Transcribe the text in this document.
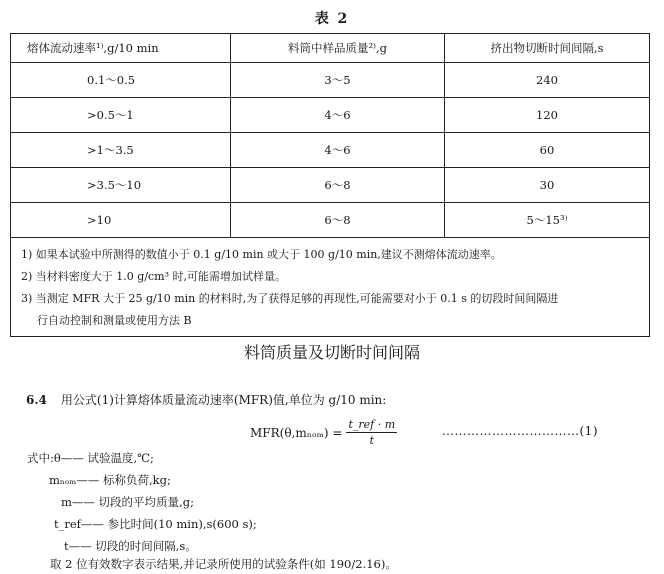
表 2
熔体流动速率¹⁾,g/10 min	料筒中样品质量²⁾,g	挤出物切断时间间隔,s
0.1～0.5	3～5	240
>0.5～1	4～6	120
>1～3.5	4～6	60
>3.5～10	6～8	30
>10	6～8	5～15³⁾

1) 如果本试验中所测得的数值小于 0.1 g/10 min 或大于 100 g/10 min,建议不测熔体流动速率。
2) 当材料密度大于 1.0 g/cm³ 时,可能需增加试样量。
3) 当测定 MFR 大于 25 g/10 min 的材料时,为了获得足够的再现性,可能需要对小于 0.1 s 的切段时间间隔进
行自动控制和测量或使用方法 B		
料筒质量及切断时间间隔
6.4 用公式(1)计算熔体质量流动速率(MFR)值,单位为 g/10 min:
$MFR(\theta,m_{nom}) = \frac{\text{t\_ref · m}}{t}$	……………………………(1)
式中:θ—— 试验温度,℃;
mₙₒₘ—— 标称负荷,kg;
m—— 切段的平均质量,g;
t_ref—— 参比时间(10 min),s(600 s);
t—— 切段的时间间隔,s。
取 2 位有效数字表示结果,并记录所使用的试验条件(如 190/2.16)。
